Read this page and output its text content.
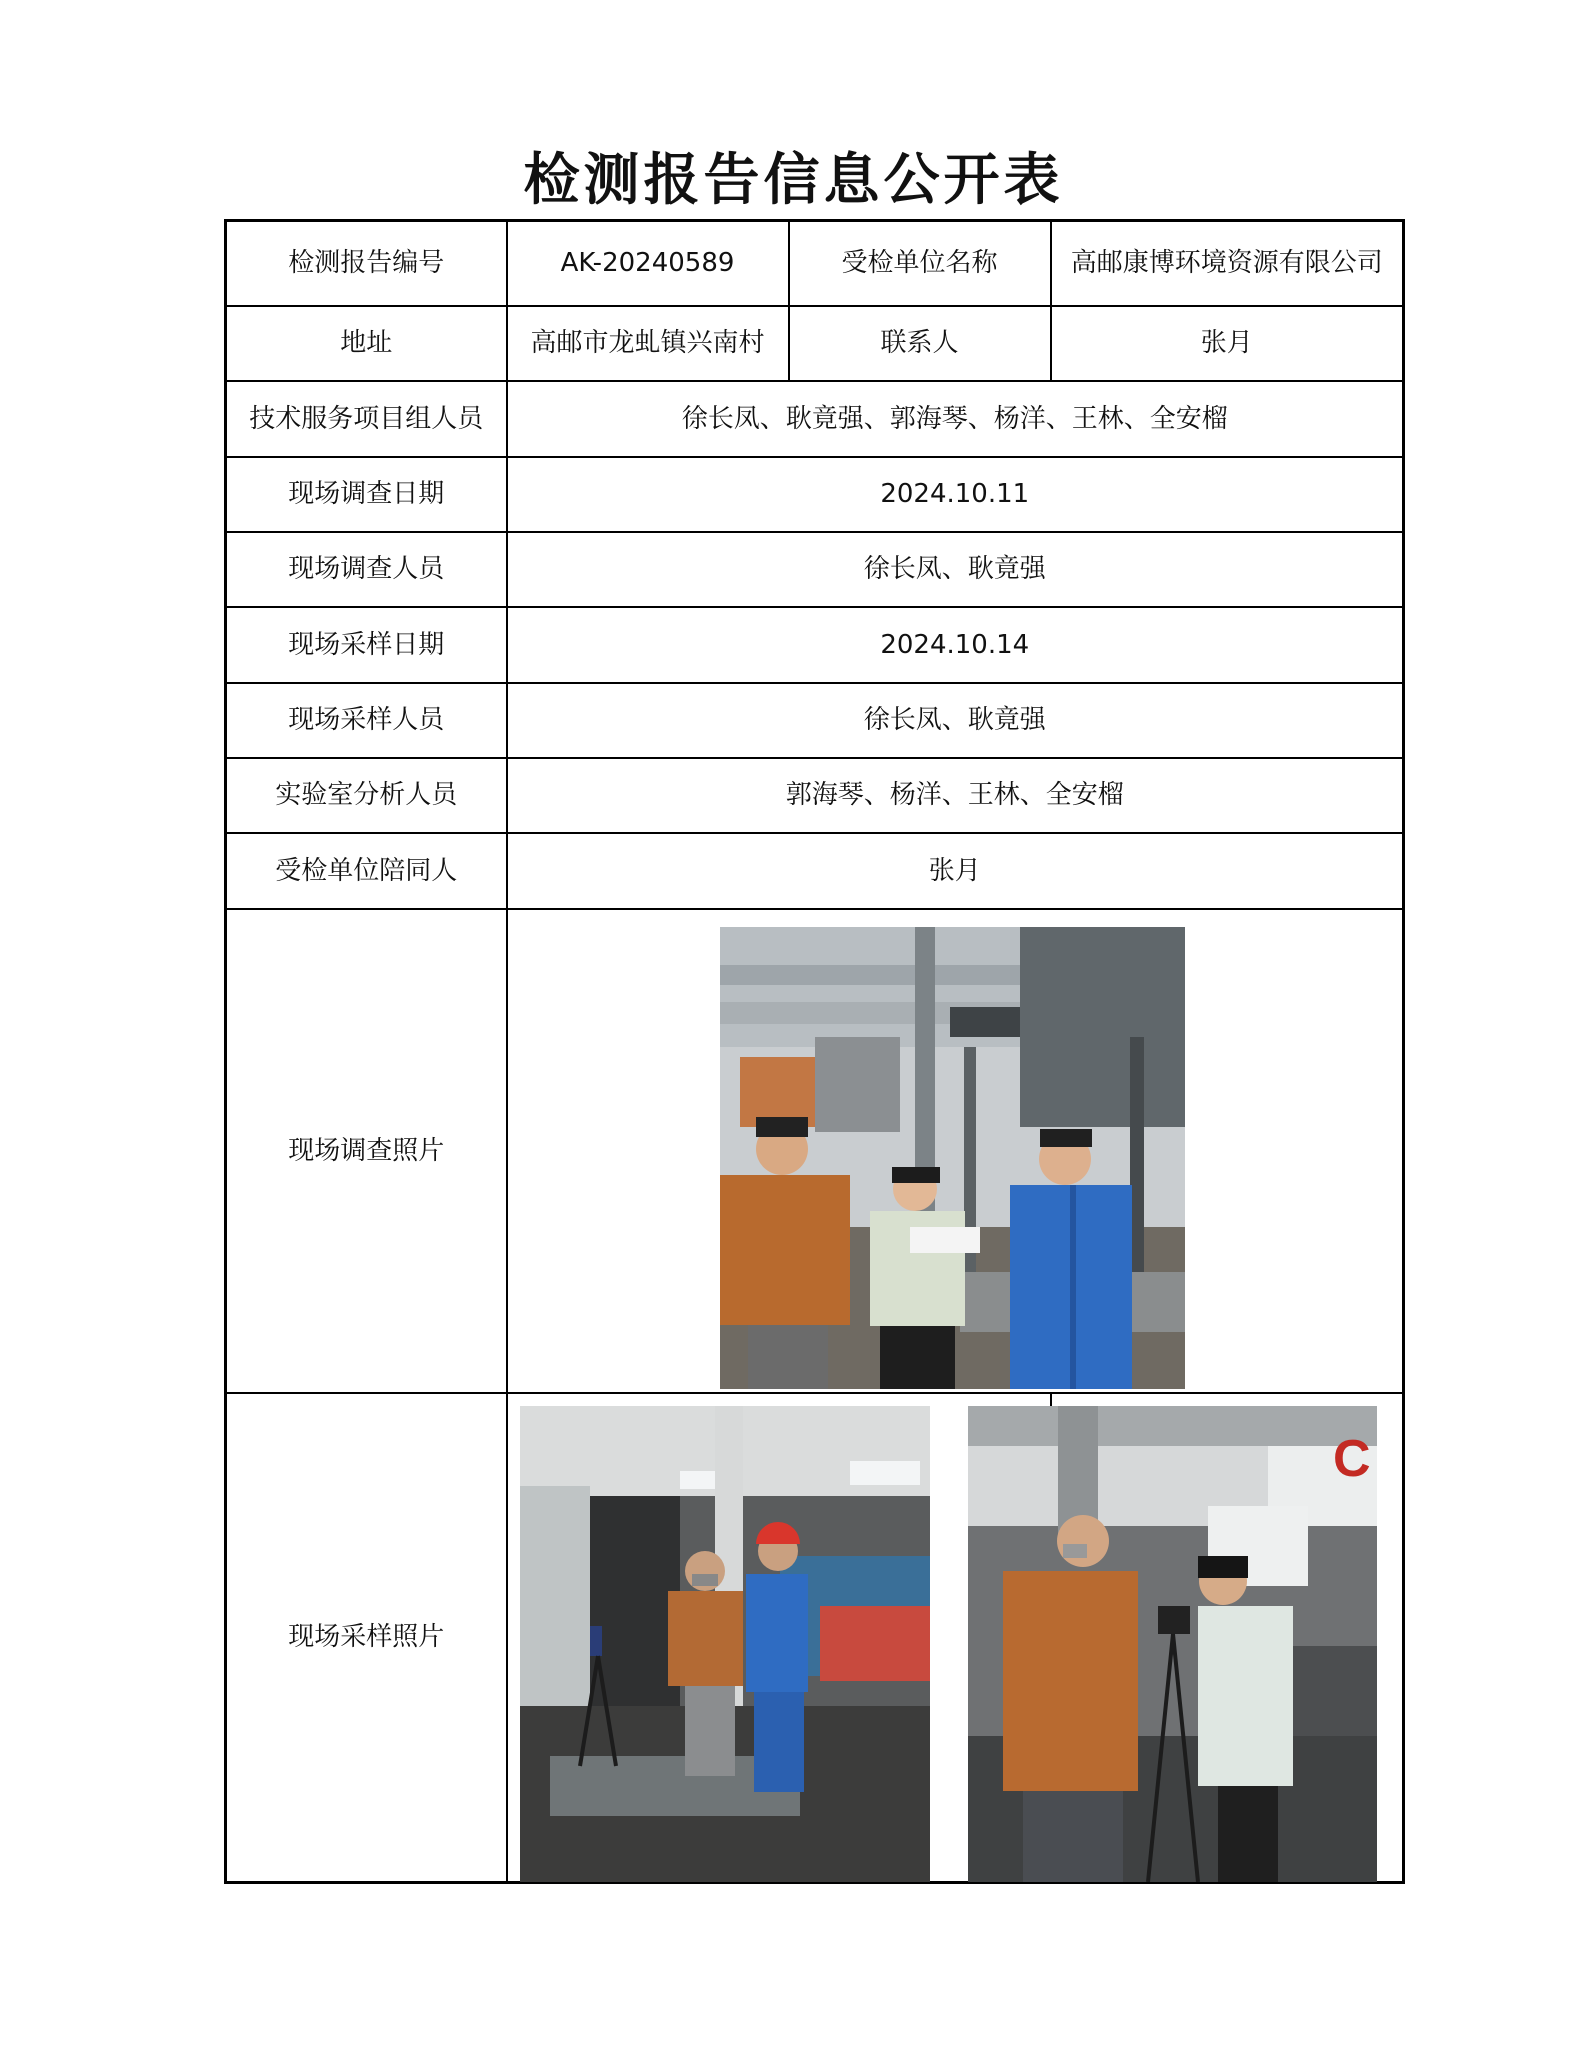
检测报告信息公开表
检测报告编号	AK-20240589	受检单位名称	高邮康博环境资源有限公司
地址	高邮市龙虬镇兴南村	联系人	张月
技术服务项目组人员	徐长凤、耿竟强、郭海琴、杨洋、王林、全安榴		
现场调查日期	2024.10.11		
现场调查人员	徐长凤、耿竟强		
现场采样日期	2024.10.14		
现场采样人员	徐长凤、耿竟强		
实验室分析人员	郭海琴、杨洋、王林、全安榴		
受检单位陪同人	张月		
现场调查照片			
现场采样照片			
C
